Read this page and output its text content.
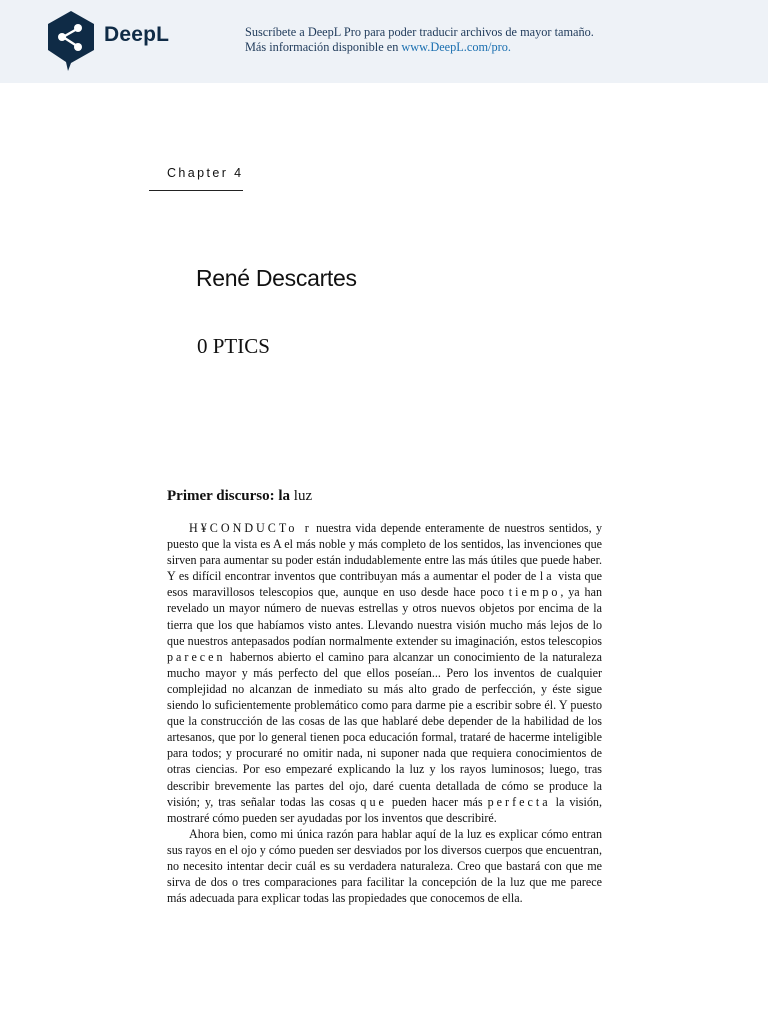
DeepL	Suscríbete a DeepL Pro para poder traducir archivos de mayor tamaño.
Más información disponible en www.DeepL.com/pro.
Chapter 4
René Descartes
0 PTICS
Primer discurso: la luz

H¥CONDUCTo r nuestra vida depende enteramente de nuestros sentidos, y puesto que la vista es A el más noble y más completo de los sentidos, las invenciones que sirven para aumentar su poder están indudablemente entre las más útiles que puede haber. Y es difícil encontrar inventos que contribuyan más a aumentar el poder de la vista que esos maravillosos telescopios que, aunque en uso desde hace poco tiempo, ya han revelado un mayor número de nuevas estrellas y otros nuevos objetos por encima de la tierra que los que habíamos visto antes. Llevando nuestra visión mucho más lejos de lo que nuestros antepasados podían normalmente extender su imaginación, estos telescopios parecen habernos abierto el camino para alcanzar un conocimiento de la naturaleza mucho mayor y más perfecto del que ellos poseían... Pero los inventos de cualquier complejidad no alcanzan de inmediato su más alto grado de perfección, y éste sigue siendo lo suficientemente problemático como para darme pie a escribir sobre él. Y puesto que la construcción de las cosas de las que hablaré debe depender de la habilidad de los artesanos, que por lo general tienen poca educación formal, trataré de hacerme inteligible para todos; y procuraré no omitir nada, ni suponer nada que requiera conocimientos de otras ciencias. Por eso empezaré explicando la luz y los rayos luminosos; luego, tras describir brevemente las partes del ojo, daré cuenta detallada de cómo se produce la visión; y, tras señalar todas las cosas que pueden hacer más perfecta la visión, mostraré cómo pueden ser ayudadas por los inventos que describiré.

Ahora bien, como mi única razón para hablar aquí de la luz es explicar cómo entran sus rayos en el ojo y cómo pueden ser desviados por los diversos cuerpos que encuentran, no necesito intentar decir cuál es su verdadera naturaleza. Creo que bastará con que me sirva de dos o tres comparaciones para facilitar la concepción de la luz que me parece más adecuada para explicar todas las propiedades que conocemos de ella.
